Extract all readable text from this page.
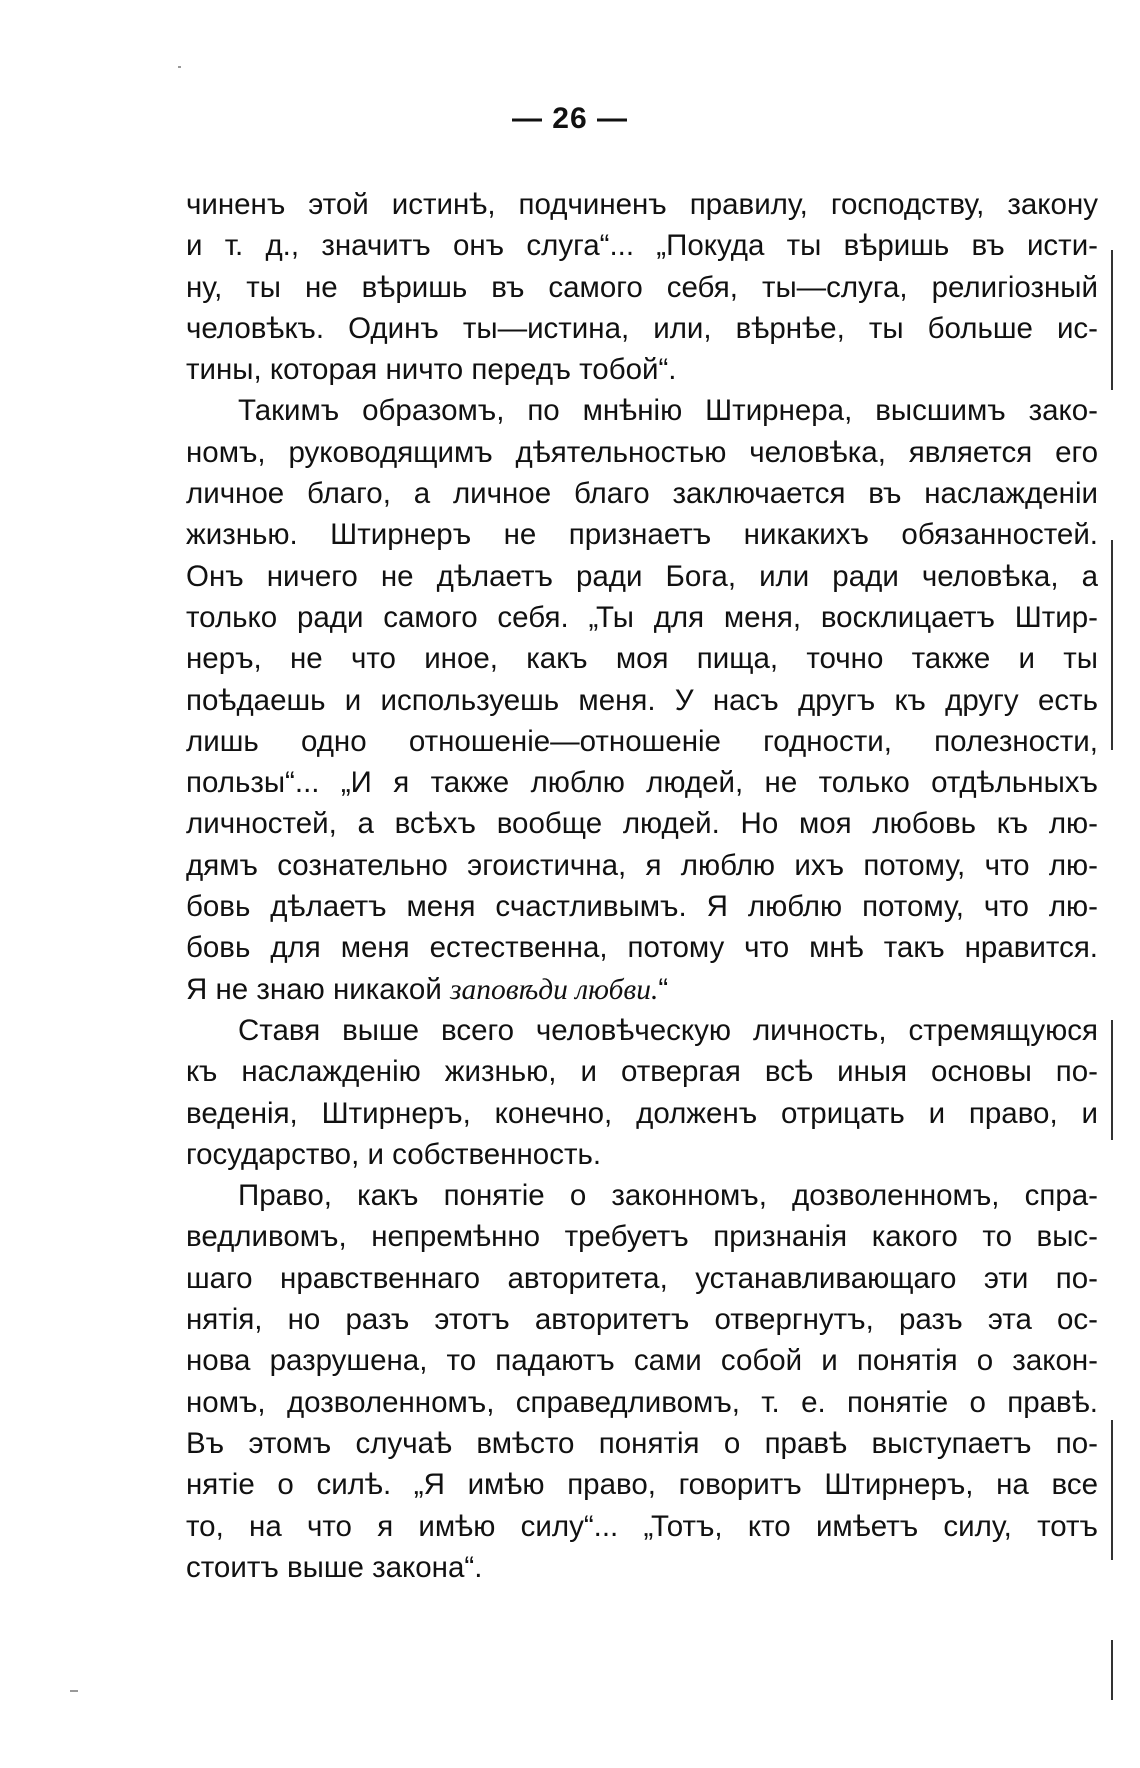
— 26 —
чиненъ этой истинѣ, подчиненъ правилу, господству, закону
и т. д., значитъ онъ слуга“... „Покуда ты вѣришь въ исти-
ну, ты не вѣришь въ самого себя, ты—слуга, религіозный
человѣкъ. Одинъ ты—истина, или, вѣрнѣе, ты больше ис-
тины, которая ничто передъ тобой“.
Такимъ образомъ, по мнѣнію Штирнера, высшимъ зако-
номъ, руководящимъ дѣятельностью человѣка, является его
личное благо, а личное благо заключается въ наслажденіи
жизнью. Штирнеръ не признаетъ никакихъ обязанностей.
Онъ ничего не дѣлаетъ ради Бога, или ради человѣка, а
только ради самого себя. „Ты для меня, восклицаетъ Штир-
неръ, не что иное, какъ моя пища, точно также и ты
поѣдаешь и используешь меня. У насъ другъ къ другу есть
лишь одно отношеніе—отношеніе годности, полезности,
пользы“... „И я также люблю людей, не только отдѣльныхъ
личностей, а всѣхъ вообще людей. Но моя любовь къ лю-
дямъ сознательно эгоистична, я люблю ихъ потому, что лю-
бовь дѣлаетъ меня счастливымъ. Я люблю потому, что лю-
бовь для меня естественна, потому что мнѣ такъ нравится.
Я не знаю никакой заповѣди любви.“
Ставя выше всего человѣческую личность, стремящуюся
къ наслажденію жизнью, и отвергая всѣ иныя основы по-
веденія, Штирнеръ, конечно, долженъ отрицать и право, и
государство, и собственность.
Право, какъ понятіе о законномъ, дозволенномъ, спра-
ведливомъ, непремѣнно требуетъ признанія какого то выс-
шаго нравственнаго авторитета, устанавливающаго эти по-
нятія, но разъ этотъ авторитетъ отвергнутъ, разъ эта ос-
нова разрушена, то падаютъ сами собой и понятія о закон-
номъ, дозволенномъ, справедливомъ, т. е. понятіе о правѣ.
Въ этомъ случаѣ вмѣсто понятія о правѣ выступаетъ по-
нятіе о силѣ. „Я имѣю право, говоритъ Штирнеръ, на все
то, на что я имѣю силу“... „Тотъ, кто имѣетъ силу, тотъ
стоитъ выше закона“.
